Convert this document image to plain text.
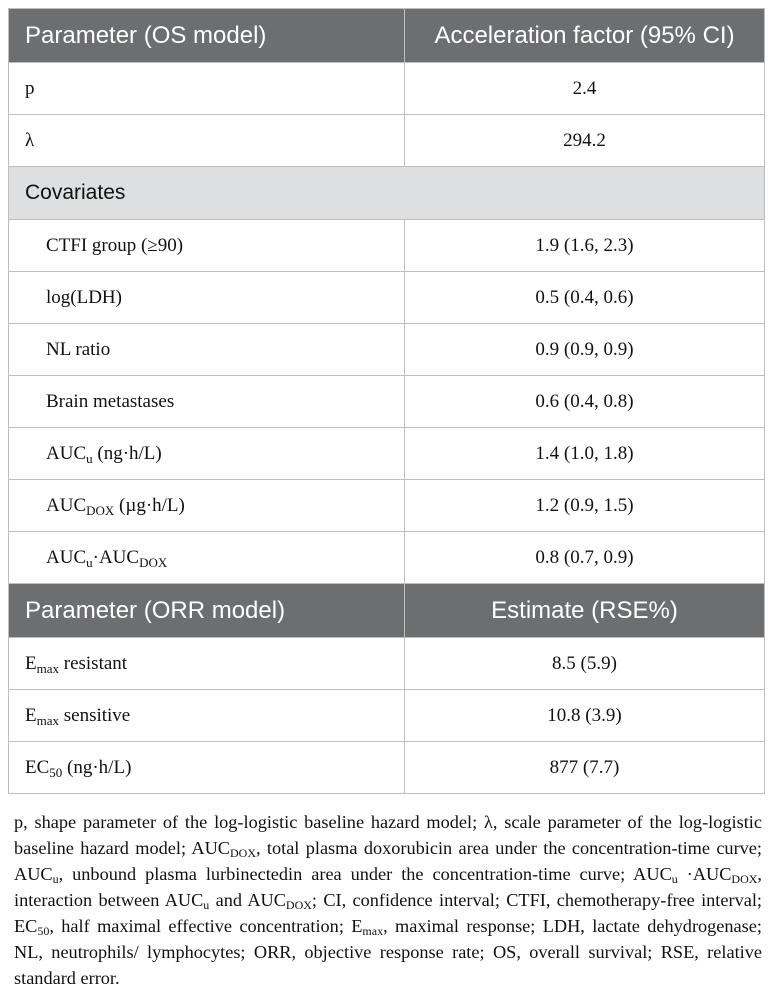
Parameter (OS model)	Acceleration factor (95% CI)
p	2.4
λ	294.2
Covariates	
CTFI group (≥90)	1.9 (1.6, 2.3)
log(LDH)	0.5 (0.4, 0.6)
NL ratio	0.9 (0.9, 0.9)
Brain metastases	0.6 (0.4, 0.8)
$AUC_u$ (ng·h/L)	1.4 (1.0, 1.8)
$AUC_{DOX}$ (µg·h/L)	1.2 (0.9, 1.5)
$AUC_u\cdot AUC_{DOX}$	0.8 (0.7, 0.9)
Parameter (ORR model)	Estimate (RSE%)
$E_{max}$ resistant	8.5 (5.9)
$E_{max}$ sensitive	10.8 (3.9)
$EC_{50}$ (ng·h/L)	877 (7.7)
p, shape parameter of the log-logistic baseline hazard model; λ, scale parameter of the log-logistic baseline hazard model; $AUC_{DOX}$, total plasma doxorubicin area under the concentration-time curve; $AUC_u$, unbound plasma lurbinectedin area under the concentration-time curve; $AUC_u \cdot AUC_{DOX}$, interaction between $AUC_u$ and $AUC_{DOX}$; CI, confidence interval; CTFI, chemotherapy-free interval; $EC_{50}$, half maximal effective concentration; $E_{max}$, maximal response; LDH, lactate dehydrogenase; NL, neutrophils/ lymphocytes; ORR, objective response rate; OS, overall survival; RSE, relative standard error.
